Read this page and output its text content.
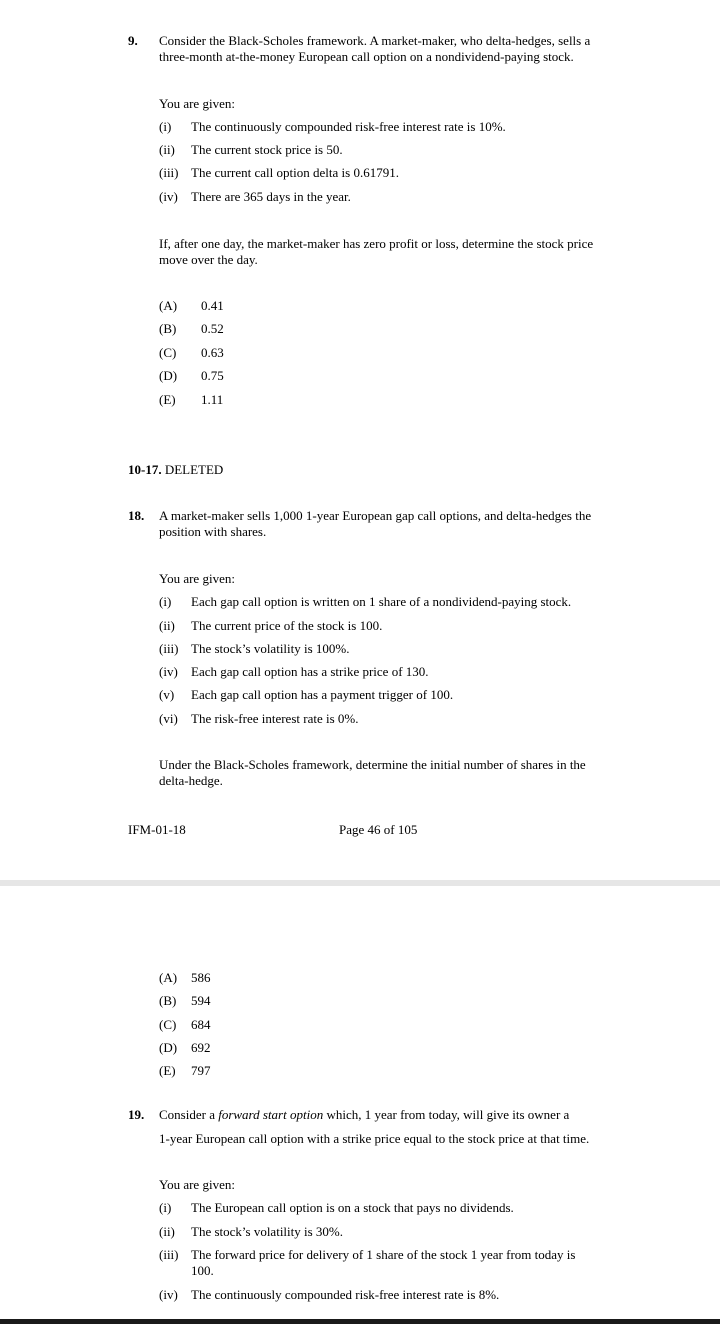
9. Consider the Black-Scholes framework. A market-maker, who delta-hedges, sells a
three-month at-the-money European call option on a nondividend-paying stock.
You are given:
(i) The continuously compounded risk-free interest rate is 10%.
(ii) The current stock price is 50.
(iii) The current call option delta is 0.61791.
(iv) There are 365 days in the year.
If, after one day, the market-maker has zero profit or loss, determine the stock price
move over the day.
(A) 0.41
(B) 0.52
(C) 0.63
(D) 0.75
(E) 1.11
10-17. DELETED
18. A market-maker sells 1,000 1-year European gap call options, and delta-hedges the
position with shares.
You are given:
(i) Each gap call option is written on 1 share of a nondividend-paying stock.
(ii) The current price of the stock is 100.
(iii) The stock’s volatility is 100%.
(iv) Each gap call option has a strike price of 130.
(v) Each gap call option has a payment trigger of 100.
(vi) The risk-free interest rate is 0%.
Under the Black-Scholes framework, determine the initial number of shares in the
delta-hedge.
IFM-01-18	Page 46 of 105
(A) 586
(B) 594
(C) 684
(D) 692
(E) 797
19. Consider a forward start option which, 1 year from today, will give its owner a
1-year European call option with a strike price equal to the stock price at that time.
You are given:
(i) The European call option is on a stock that pays no dividends.
(ii) The stock’s volatility is 30%.
(iii) The forward price for delivery of 1 share of the stock 1 year from today is
100.
(iv) The continuously compounded risk-free interest rate is 8%.
